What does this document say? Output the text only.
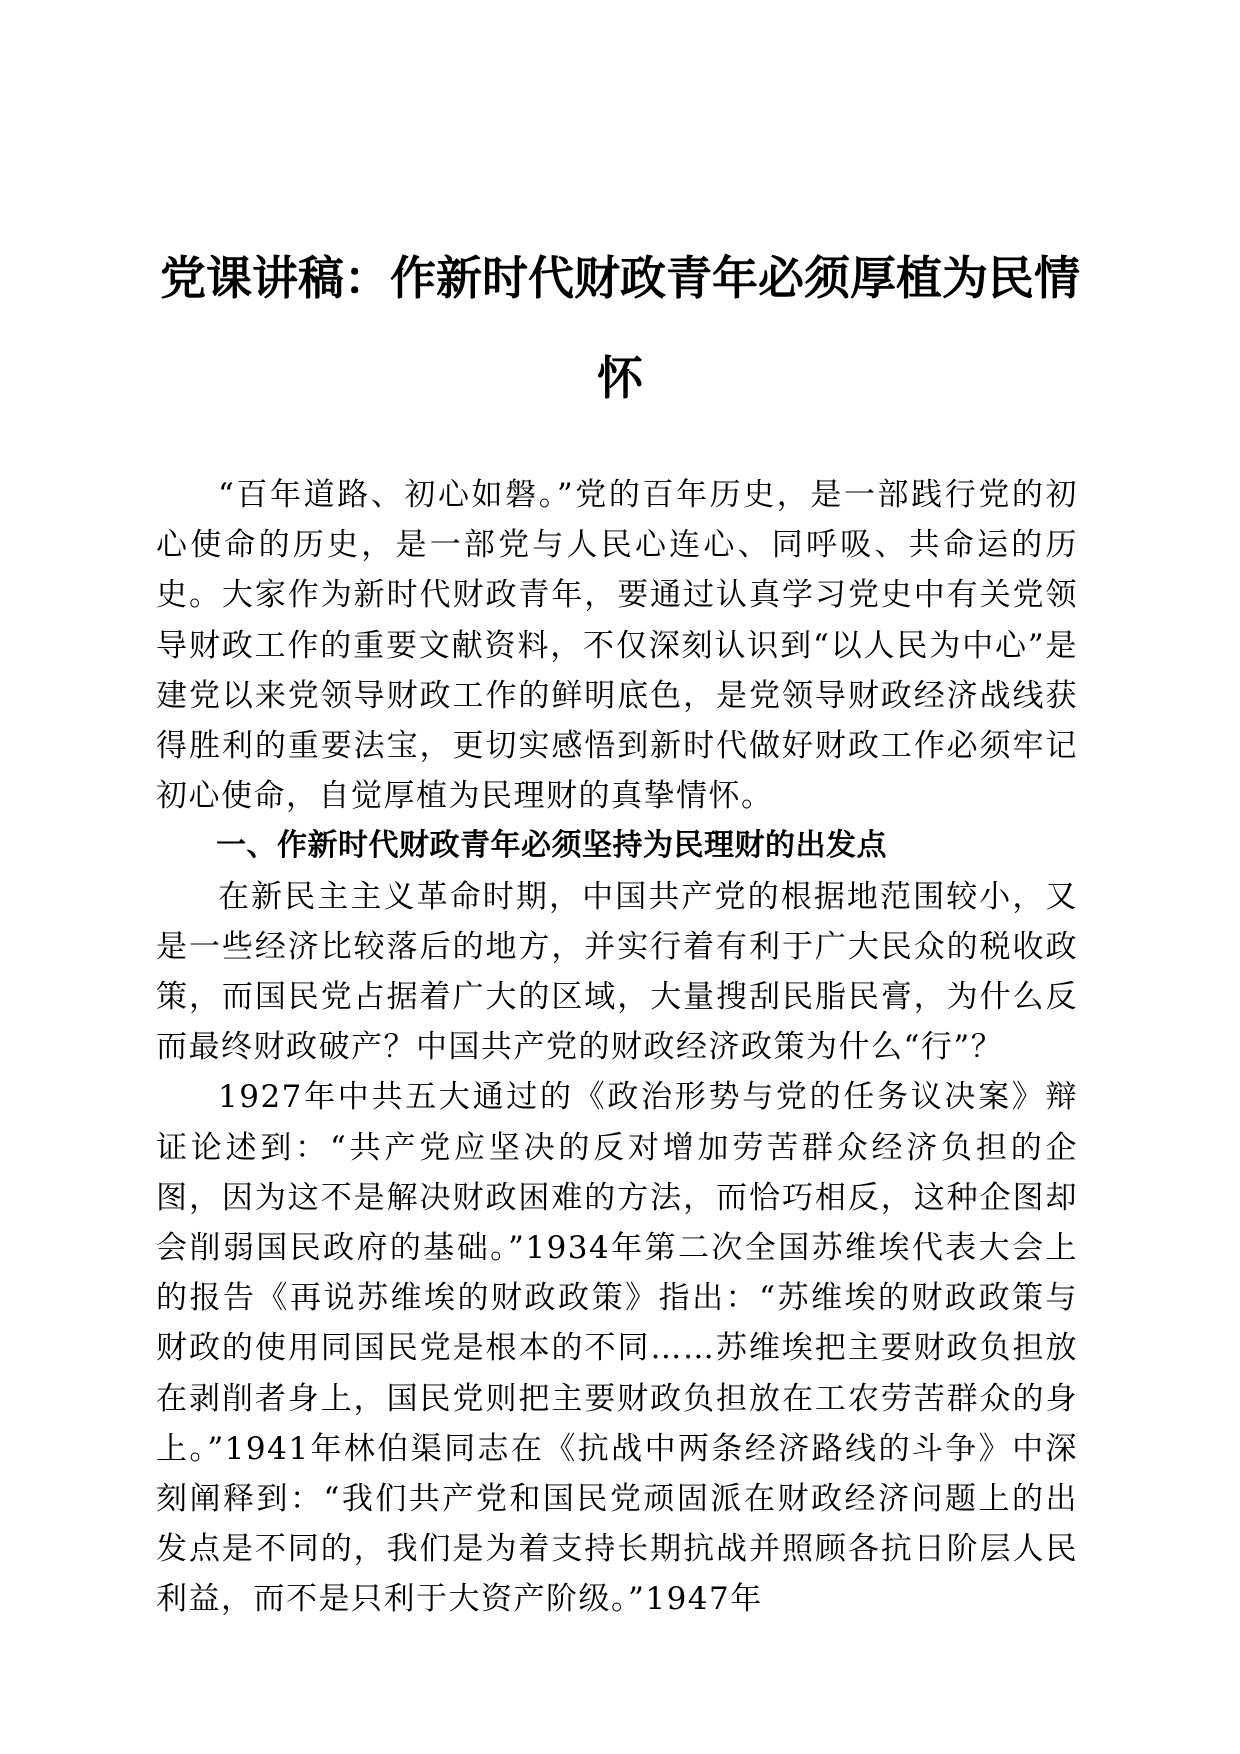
党课讲稿：作新时代财政青年必须厚植为民情怀

“百年道路、初心如磐。”党的百年历史，是一部践行党的初心使命的历史，是一部党与人民心连心、同呼吸、共命运的历史。大家作为新时代财政青年，要通过认真学习党史中有关党领导财政工作的重要文献资料，不仅深刻认识到“以人民为中心”是建党以来党领导财政工作的鲜明底色，是党领导财政经济战线获得胜利的重要法宝，更切实感悟到新时代做好财政工作必须牢记初心使命，自觉厚植为民理财的真挚情怀。

一、作新时代财政青年必须坚持为民理财的出发点

在新民主主义革命时期，中国共产党的根据地范围较小，又是一些经济比较落后的地方，并实行着有利于广大民众的税收政策，而国民党占据着广大的区域，大量搜刮民脂民膏，为什么反而最终财政破产？中国共产党的财政经济政策为什么“行”？

1927年中共五大通过的《政治形势与党的任务议决案》辩证论述到：“共产党应坚决的反对增加劳苦群众经济负担的企图，因为这不是解决财政困难的方法，而恰巧相反，这种企图却会削弱国民政府的基础。”1934年第二次全国苏维埃代表大会上的报告《再说苏维埃的财政政策》指出：“苏维埃的财政政策与财政的使用同国民党是根本的不同……苏维埃把主要财政负担放在剥削者身上，国民党则把主要财政负担放在工农劳苦群众的身上。”1941年林伯渠同志在《抗战中两条经济路线的斗争》中深刻阐释到：“我们共产党和国民党顽固派在财政经济问题上的出发点是不同的，我们是为着支持长期抗战并照顾各抗日阶层人民利益，而不是只利于大资产阶级。”1947年
